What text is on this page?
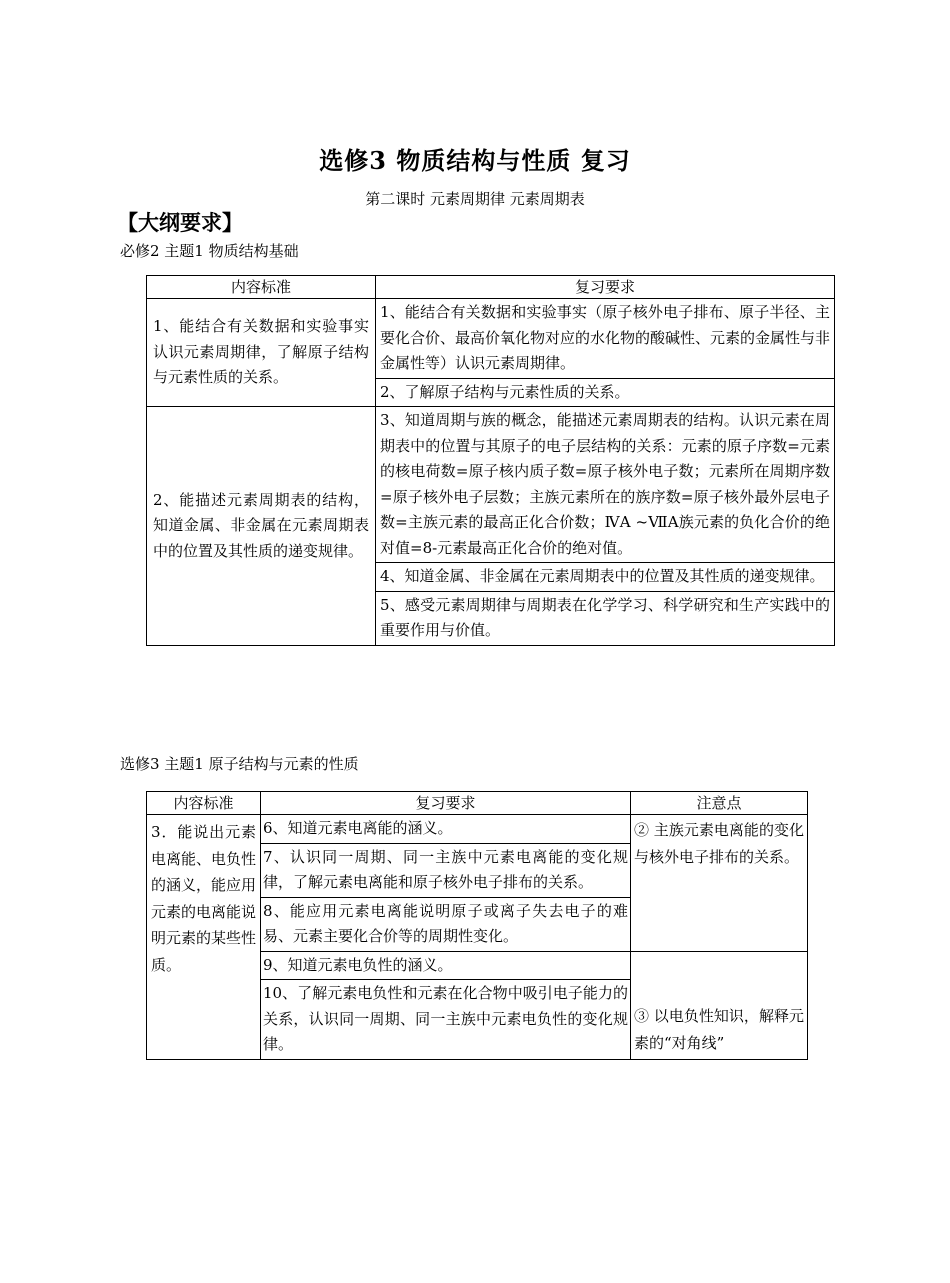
选修3 物质结构与性质 复习
第二课时 元素周期律 元素周期表
【大纲要求】
必修2 主题1 物质结构基础
内容标准	复习要求
1、能结合有关数据和实验事实认识元素周期律，了解原子结构与元素性质的关系。	1、能结合有关数据和实验事实（原子核外电子排布、原子半径、主要化合价、最高价氧化物对应的水化物的酸碱性、元素的金属性与非金属性等）认识元素周期律。
	2、了解原子结构与元素性质的关系。
2、能描述元素周期表的结构，知道金属、非金属在元素周期表中的位置及其性质的递变规律。	3、知道周期与族的概念，能描述元素周期表的结构。认识元素在周期表中的位置与其原子的电子层结构的关系：元素的原子序数=元素的核电荷数=原子核内质子数=原子核外电子数；元素所在周期序数=原子核外电子层数；主族元素所在的族序数=原子核外最外层电子数=主族元素的最高正化合价数；ⅣA ~ⅦA族元素的负化合价的绝对值=8-元素最高正化合价的绝对值。
	4、知道金属、非金属在元素周期表中的位置及其性质的递变规律。
	5、感受元素周期律与周期表在化学学习、科学研究和生产实践中的重要作用与价值。
选修3 主题1 原子结构与元素的性质
内容标准	复习要求	注意点
3．能说出元素电离能、电负性的涵义，能应用元素的电离能说明元素的某些性质。	6、知道元素电离能的涵义。	② 主族元素电离能的变化与核外电子排布的关系。
	7、认识同一周期、同一主族中元素电离能的变化规律，了解元素电离能和原子核外电子排布的关系。	
	8、能应用元素电离能说明原子或离子失去电子的难易、元素主要化合价等的周期性变化。	
	9、知道元素电负性的涵义。	③ 以电负性知识，解释元素的“对角线”
	10、了解元素电负性和元素在化合物中吸引电子能力的关系，认识同一周期、同一主族中元素电负性的变化规律。	
